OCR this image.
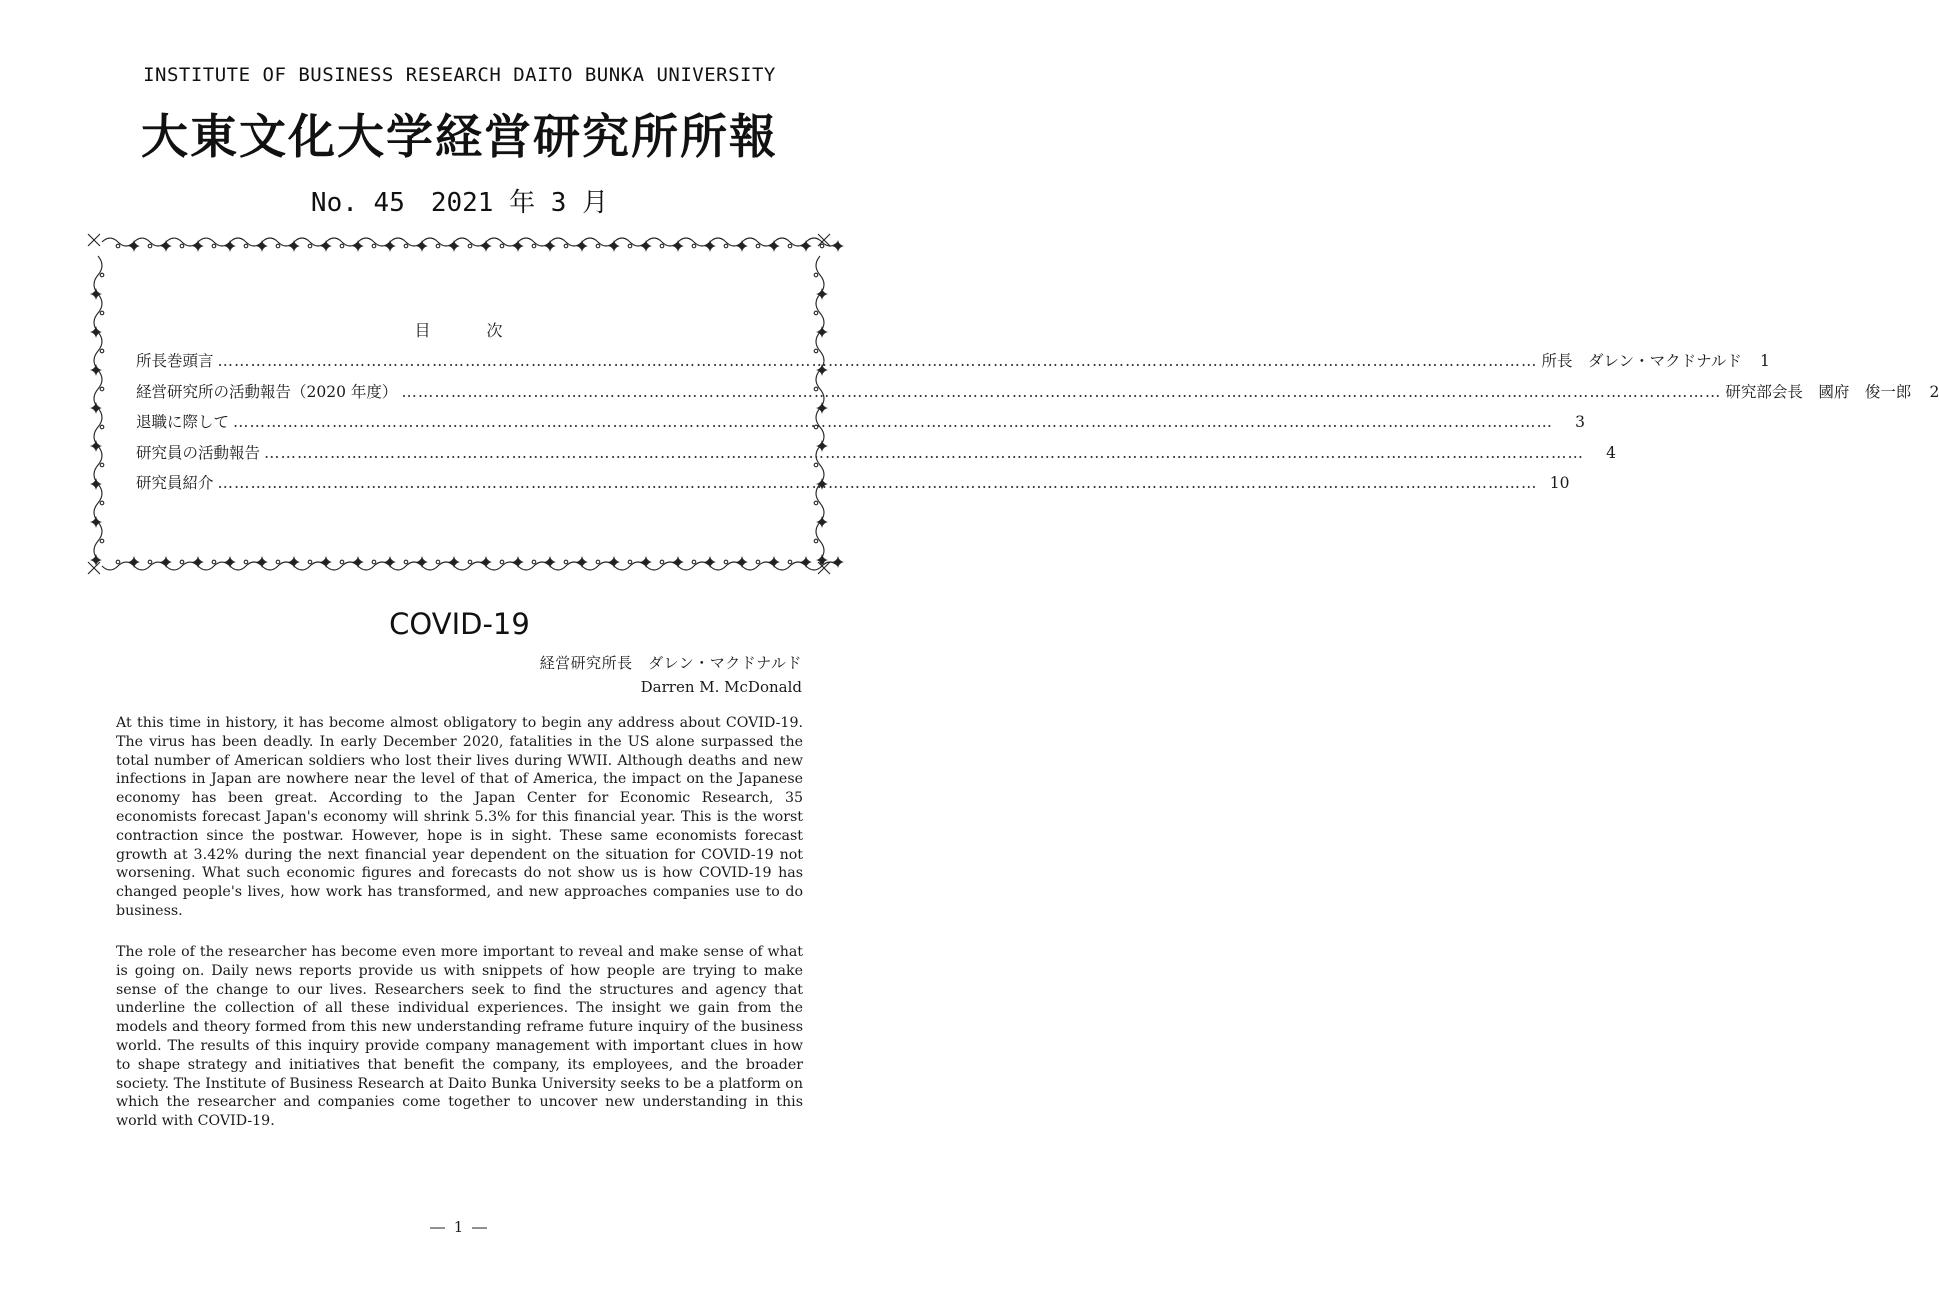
INSTITUTE OF BUSINESS RESEARCH DAITO BUNKA UNIVERSITY
大東文化大学経営研究所所報
No. 45　2021 年 3 月
目	次
所長巻頭言 …………………………………………………………………………………………………………………………………………………………………………………………………………………… 所長　ダレン・マクドナルド	1
経営研究所の活動報告（2020 年度） …………………………………………………………………………………………………………………………………………………………………………………………………………………… 研究部会長　國府　俊一郎	2
退職に際して ……………………………………………………………………………………………………………………………………………………………………………………………………………………	3
研究員の活動報告 ……………………………………………………………………………………………………………………………………………………………………………………………………………………	4
研究員紹介 …………………………………………………………………………………………………………………………………………………………………………………………………………………… 10
COVID-19
経営研究所長　ダレン・マクドナルド
Darren M. McDonald

At this time in history, it has become almost obligatory to begin any address about COVID-19. The virus has been deadly. In early December 2020, fatalities in the US alone surpassed the total number of American soldiers who lost their lives during WWII. Although deaths and new infections in Japan are nowhere near the level of that of America, the impact on the Japanese economy has been great. According to the Japan Center for Economic Research, 35 economists forecast Japan's economy will shrink 5.3% for this financial year. This is the worst contraction since the postwar. However, hope is in sight. These same economists forecast growth at 3.42% during the next financial year dependent on the situation for COVID-19 not worsening. What such economic figures and forecasts do not show us is how COVID-19 has changed people's lives, how work has transformed, and new approaches companies use to do business.

The role of the researcher has become even more important to reveal and make sense of what is going on. Daily news reports provide us with snippets of how people are trying to make sense of the change to our lives. Researchers seek to find the structures and agency that underline the collection of all these individual experiences. The insight we gain from the models and theory formed from this new understanding reframe future inquiry of the business world. The results of this inquiry provide company management with important clues in how to shape strategy and initiatives that benefit the company, its employees, and the broader society. The Institute of Business Research at Daito Bunka University seeks to be a platform on which the researcher and companies come together to uncover new understanding in this world with COVID-19.

― 1 ―
